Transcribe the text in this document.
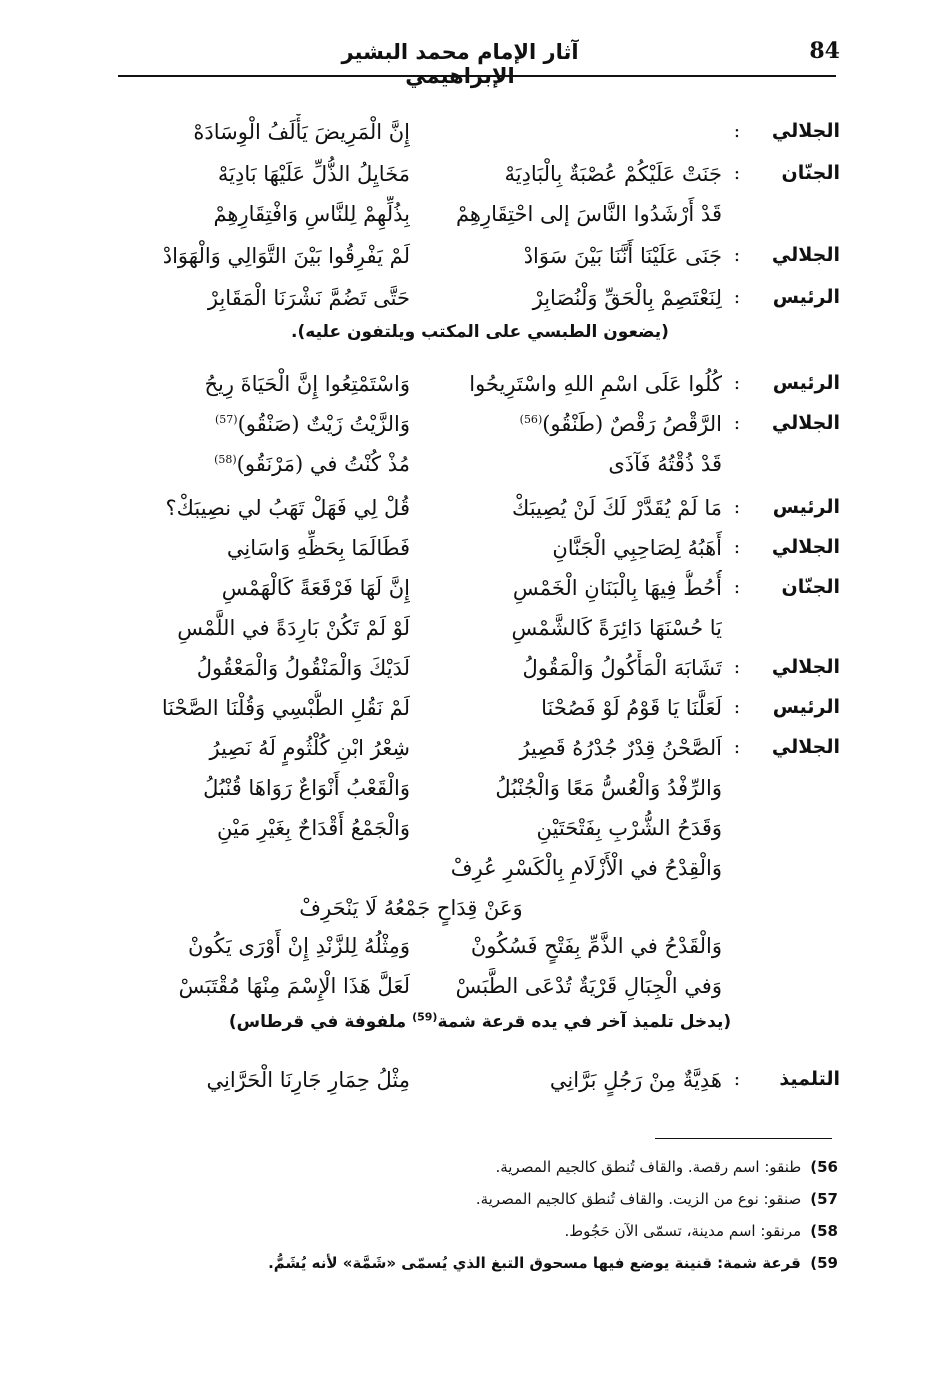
84
آثار الإمام محمد البشير الإبراهيمي
الجلالي
:
إِنَّ الْمَرِيضَ يَأْلَفُ الْوِسَادَهْ
الجنّان
:
جَنَتْ عَلَيْكُمْ عُصْبَةٌ بِالْبَادِيَهْ
مَخَايِلُ الذُّلِّ عَلَيْهَا بَادِيَهْ
قَدْ أَرْشَدُوا النَّاسَ إلى احْتِقَارِهِمْ
بِذُلِّهِمْ لِلنَّاسِ وَافْتِقَارِهِمْ
الجلالي
:
جَنَى عَلَيْنَا أَنَّنَا بَيْنَ سَوَادْ
لَمْ يَفْرِقُوا بَيْنَ التَّوَالِي وَالْهَوَادْ
الرئيس
:
لِنَعْتَصِمْ بِالْحَقِّ وَلْنُصَابِرْ
حَتَّى تَضُمَّ نَشْرَنَا الْمَقَابِرْ
(يضعون الطبسي على المكتب ويلتفون عليه).
الرئيس
:
كُلُوا عَلَى اسْمِ اللهِ واسْتَرِيحُوا
وَاسْتَمْتِعُوا إِنَّ الْحَيَاةَ رِيحُ
الجلالي
:
الرَّقْصُ رَقْصٌ (طَنْقُو)$^{(56)}$
وَالزَّيْتُ زَيْتٌ (صَنْقُو)$^{(57)}$
قَدْ ذُقْتُهُ فَآذَى
مُذْ كُنْتُ في (مَرْنَقُو)$^{(58)}$
الرئيس
:
مَا لَمْ يُقَدَّرْ لَكَ لَنْ يُصِيبَكْ
قُلْ لِي فَهَلْ تَهَبُ لي نصِيبَكْ؟
الجلالي
:
أَهَبُهُ لِصَاحِبِي الْجَنَّانِ
فَطَالَمَا بِحَظِّهِ وَاسَانِي
الجنّان
:
أُحُطُّ فِيهَا بِالْبَنَانِ الْخَمْسِ
إِنَّ لَهَا فَرْقَعَةً كَالْهَمْسِ
يَا حُسْنَهَا دَائِرَةً كَالشَّمْسِ
لَوْ لَمْ تَكُنْ بَارِدَةً في اللَّمْسِ
الجلالي
:
تَشَابَهَ الْمَأْكُولُ وَالْمَقُولُ
لَدَيْكَ وَالْمَنْقُولُ وَالْمَعْقُولُ
الرئيس
:
لَعَلَّنَا يَا قَوْمُ لَوْ فَصُحْنَا
لَمْ نَقُلِ الطُّبْسِي وَقُلْنَا الصَّحْنَا
الجلالي
:
اَلصَّحْنُ قِدْرٌ جُدْرُهُ قَصِيرُ
شِعْرُ ابْنِ كُلْثُومٍ لَهُ نَصِيرُ
وَالرِّفْدُ وَالْعُسُّ مَعًا وَالْجُنْبُلُ
وَالْقَعْبُ أَنْوَاعٌ رَوَاهَا قُنْبُلُ
وَقَدَحُ الشُّرْبِ بِفَتْحَتَيْنِ
وَالْجَمْعُ أَقْدَاحٌ بِغَيْرِ مَيْنِ
وَالْقِدْحُ في الْأَزْلَامِ بِالْكَسْرِ عُرِفْ
وَعَنْ قِدَاحٍ جَمْعُهُ لَا يَنْحَرِفْ
وَالْقَدْحُ في الذَّمِّ بِفَتْحٍ فَسُكُونْ
وَمِثْلُهُ لِلزَّنْدِ إِنْ أَوْرَى يَكُونْ
وَفي الْجِبَالِ قَرْيَةٌ تُدْعَى الطَّبَسْ
لَعَلَّ هَذَا الْإِسْمَ مِنْهَا مُقْتَبَسْ
(يدخل تلميذ آخر في يده قرعة شمة$^{(59)}$ ملفوفة في قرطاس)
التلميذ
:
هَدِيَّةٌ مِنْ رَجُلٍ بَرَّانِي
مِثْلُ حِمَارِ جَارِنَا الْحَرَّانِي
56) طنقو: اسم رقصة. والقاف تُنطق كالجيم المصرية.
57) صنقو: نوع من الزيت. والقاف تُنطق كالجيم المصرية.
58) مرنقو: اسم مدينة، تسمّى الآن حَجُوط.
59) قرعة شمة: قنينة يوضع فيها مسحوق التبغ الذي يُسمّى «شَمَّة» لأنه يُشَمُّ.
